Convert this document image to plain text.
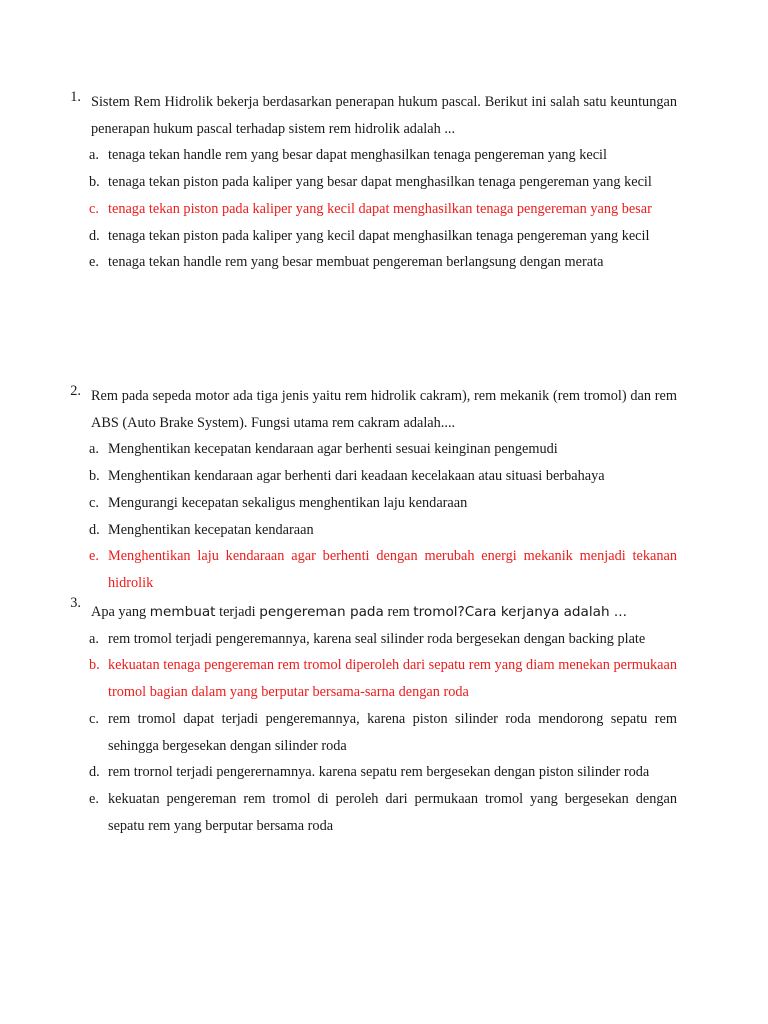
1. Sistem Rem Hidrolik bekerja berdasarkan penerapan hukum pascal. Berikut ini salah satu keuntungan penerapan hukum pascal terhadap sistem rem hidrolik adalah ...
a. tenaga tekan handle rem yang besar dapat menghasilkan tenaga pengereman yang kecil
b. tenaga tekan piston pada kaliper yang besar dapat menghasilkan tenaga pengereman yang kecil
c. tenaga tekan piston pada kaliper yang kecil dapat menghasilkan tenaga pengereman yang besar
d. tenaga tekan piston pada kaliper yang kecil dapat menghasilkan tenaga pengereman yang kecil
e. tenaga tekan handle rem yang besar membuat pengereman berlangsung dengan merata
2. Rem pada sepeda motor ada tiga jenis yaitu rem hidrolik cakram), rem mekanik (rem tromol) dan rem ABS (Auto Brake System). Fungsi utama rem cakram adalah....
a. Menghentikan kecepatan kendaraan agar berhenti sesuai keinginan pengemudi
b. Menghentikan kendaraan agar berhenti dari keadaan kecelakaan atau situasi berbahaya
c. Mengurangi kecepatan sekaligus menghentikan laju kendaraan
d. Menghentikan kecepatan kendaraan
e. Menghentikan laju kendaraan agar berhenti dengan merubah energi mekanik menjadi tekanan hidrolik
3.
Apa yang membuat terjadi pengereman pada rem tromol?Cara kerjanya adalah ...
a. rem tromol terjadi pengeremannya, karena seal silinder roda bergesekan dengan backing plate
b. kekuatan tenaga pengereman rem tromol diperoleh dari sepatu rem yang diam menekan permukaan tromol bagian dalam yang berputar bersama-sarna dengan roda
c. rem tromol dapat terjadi pengeremannya, karena piston silinder roda mendorong sepatu rem sehingga bergesekan dengan silinder roda
d. rem trornol terjadi pengerernamnya. karena sepatu rem bergesekan dengan piston silinder roda
e. kekuatan pengereman rem tromol di peroleh dari permukaan tromol yang bergesekan dengan sepatu rem yang berputar bersama roda
